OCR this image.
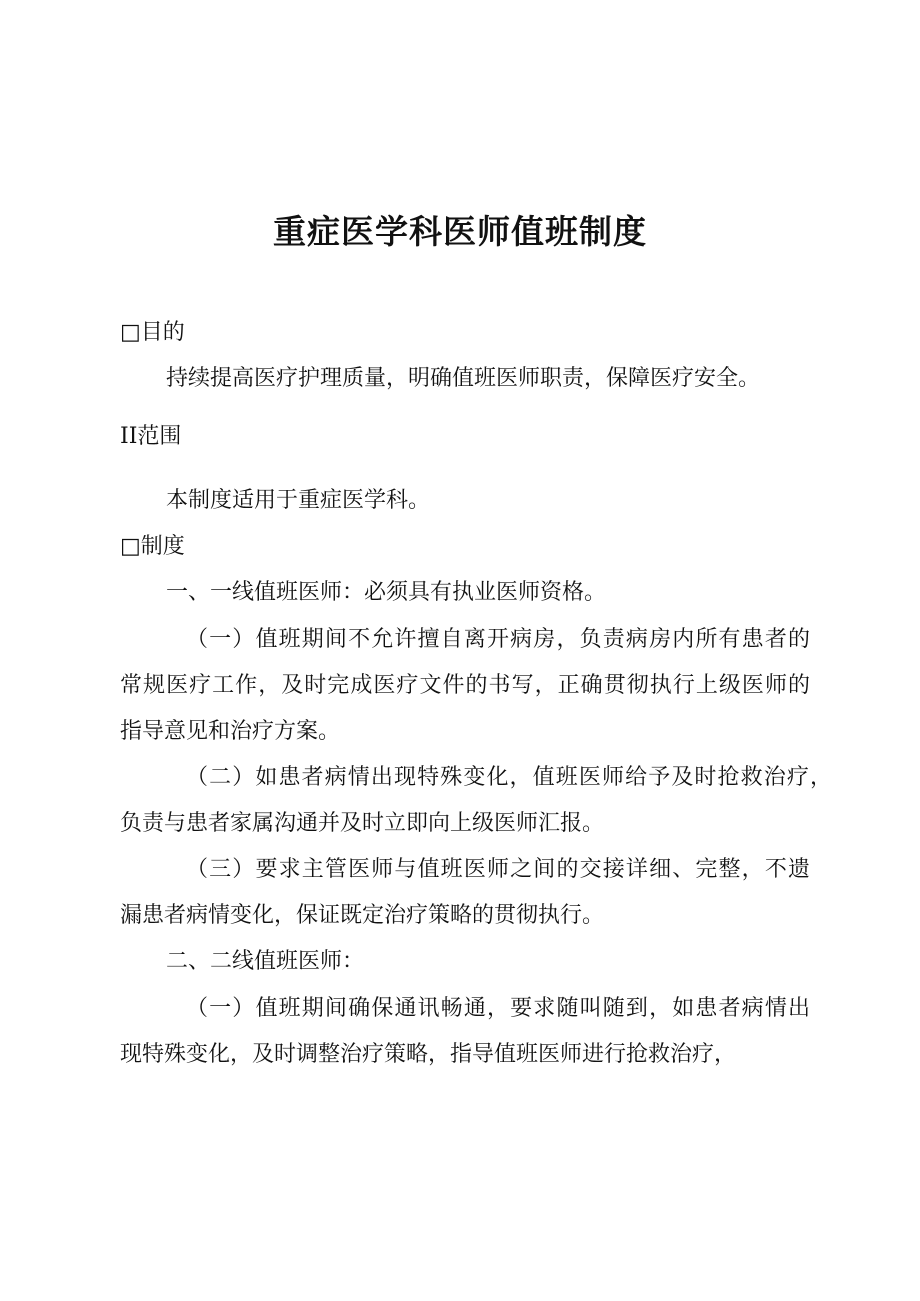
重症医学科医师值班制度
□目的
持续提高医疗护理质量，明确值班医师职责，保障医疗安全。
II范围
本制度适用于重症医学科。
□制度
一、一线值班医师：必须具有执业医师资格。
（一）值班期间不允许擅自离开病房，负责病房内所有患者的
常规医疗工作，及时完成医疗文件的书写，正确贯彻执行上级医师的
指导意见和治疗方案。
（二）如患者病情出现特殊变化，值班医师给予及时抢救治疗，
负责与患者家属沟通并及时立即向上级医师汇报。
（三）要求主管医师与值班医师之间的交接详细、完整，不遗
漏患者病情变化，保证既定治疗策略的贯彻执行。
二、二线值班医师：
（一）值班期间确保通讯畅通，要求随叫随到，如患者病情出
现特殊变化，及时调整治疗策略，指导值班医师进行抢救治疗，
